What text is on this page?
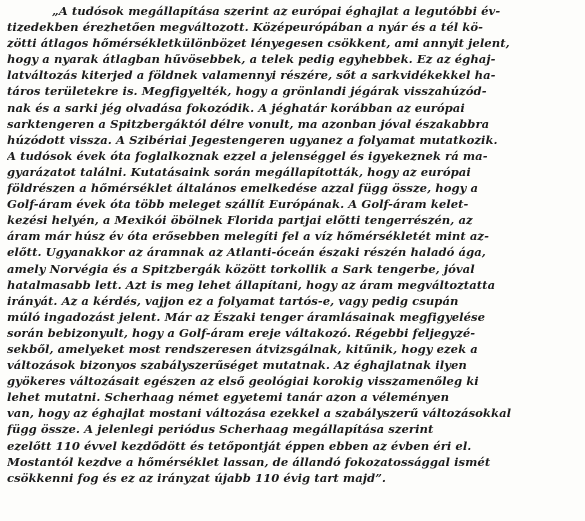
„A tudósok megállapítása szerint az európai éghajlat a legutóbbi év-
tizedekben érezhetően megváltozott. Középeurópában a nyár és a tél kö-
zötti átlagos hőmérsékletkülönbözet lényegesen csökkent, ami annyit jelent,
hogy a nyarak átlagban hűvösebbek, a telek pedig egyhebbek. Ez az éghaj-
latváltozás kiterjed a földnek valamennyi részére, sőt a sarkvidékekkel ha-
táros területekre is. Megfigyelték, hogy a grönlandi jégárak visszahúzód-
nak és a sarki jég olvadása fokozódik. A jéghatár korábban az európai
sarktengeren a Spitzbergáktól délre vonult, ma azonban jóval északabbra
húzódott vissza. A Szibériai Jegestengeren ugyanez a folyamat mutatkozik.
A tudósok évek óta foglalkoznak ezzel a jelenséggel és igyekeznek rá ma-
gyarázatot találni. Kutatásaink során megállapították, hogy az európai
földrészen a hőmérséklet általános emelkedése azzal függ össze, hogy a
Golf-áram évek óta több meleget szállít Európának. A Golf-áram kelet-
kezési helyén, a Mexikói öbölnek Florida partjai előtti tengerrészén, az
áram már húsz év óta erősebben melegíti fel a víz hőmérsékletét mint az-
előtt. Ugyanakkor az áramnak az Atlanti-óceán északi részén haladó ága,
amely Norvégia és a Spitzbergák között torkollik a Sark tengerbe, jóval
hatalmasabb lett. Azt is meg lehet állapítani, hogy az áram megváltoztatta
irányát. Az a kérdés, vajjon ez a folyamat tartós-e, vagy pedig csupán
múló ingadozást jelent. Már az Északi tenger áramlásainak megfigyelése
során bebizonyult, hogy a Golf-áram ereje váltakozó. Régebbi feljegyzé-
sekből, amelyeket most rendszeresen átvizsgálnak, kitűnik, hogy ezek a
változások bizonyos szabályszerűséget mutatnak. Az éghajlatnak ilyen
gyökeres változásait egészen az első geológiai korokig visszamenőleg ki
lehet mutatni. Scherhaag német egyetemi tanár azon a véleményen
van, hogy az éghajlat mostani változása ezekkel a szabályszerű változásokkal
függ össze. A jelenlegi periódus Scherhaag megállapítása szerint
ezelőtt 110 évvel kezdődött és tetőpontját éppen ebben az évben éri el.
Mostantól kezdve a hőmérséklet lassan, de állandó fokozatossággal ismét
csökkenni fog és ez az irányzat újabb 110 évig tart majd”.
